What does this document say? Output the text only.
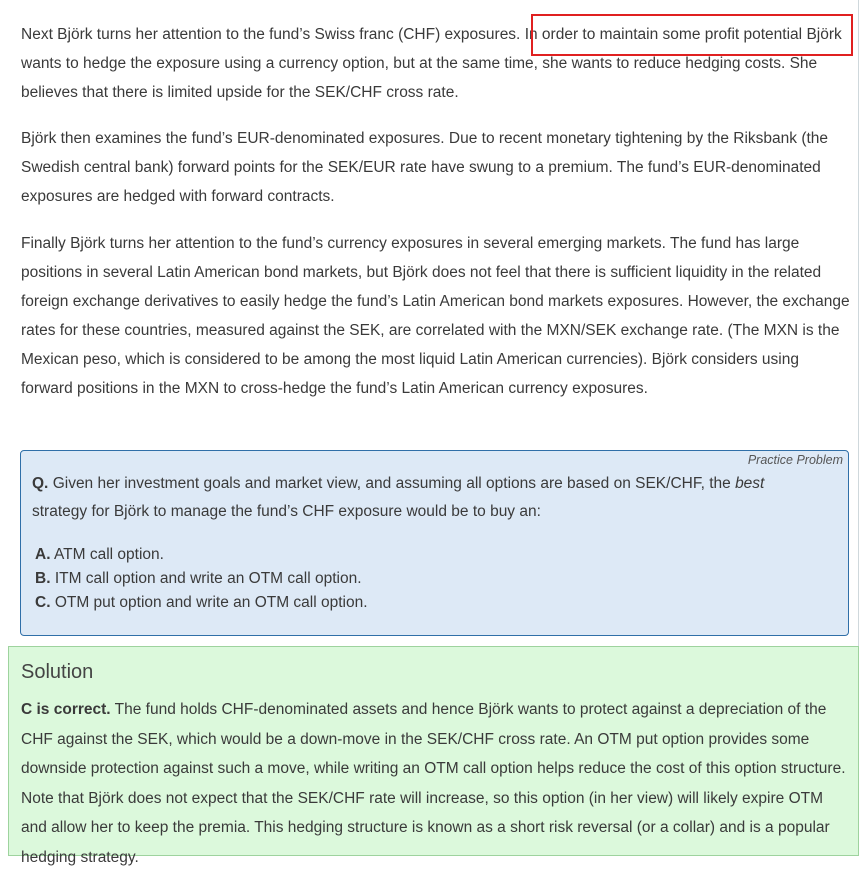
Next Björk turns her attention to the fund’s Swiss franc (CHF) exposures. In order to maintain some profit potential Björk wants to hedge the exposure using a currency option, but at the same time, she wants to reduce hedging costs. She believes that there is limited upside for the SEK/CHF cross rate.

Björk then examines the fund’s EUR-denominated exposures. Due to recent monetary tightening by the Riksbank (the Swedish central bank) forward points for the SEK/EUR rate have swung to a premium. The fund’s EUR-denominated exposures are hedged with forward contracts.

Finally Björk turns her attention to the fund’s currency exposures in several emerging markets. The fund has large positions in several Latin American bond markets, but Björk does not feel that there is sufficient liquidity in the related foreign exchange derivatives to easily hedge the fund’s Latin American bond markets exposures. However, the exchange rates for these countries, measured against the SEK, are correlated with the MXN/SEK exchange rate. (The MXN is the Mexican peso, which is considered to be among the most liquid Latin American currencies). Björk considers using forward positions in the MXN to cross-hedge the fund’s Latin American currency exposures.

Practice Problem

Q. Given her investment goals and market view, and assuming all options are based on SEK/CHF, the best
strategy for Björk to manage the fund’s CHF exposure would be to buy an:

A. ATM call option.
B. ITM call option and write an OTM call option.
C. OTM put option and write an OTM call option.
Solution

C is correct. The fund holds CHF-denominated assets and hence Björk wants to protect against a depreciation of the CHF against the SEK, which would be a down-move in the SEK/CHF cross rate. An OTM put option provides some downside protection against such a move, while writing an OTM call option helps reduce the cost of this option structure. Note that Björk does not expect that the SEK/CHF rate will increase, so this option (in her view) will likely expire OTM and allow her to keep the premia. This hedging structure is known as a short risk reversal (or a collar) and is a popular hedging strategy.
